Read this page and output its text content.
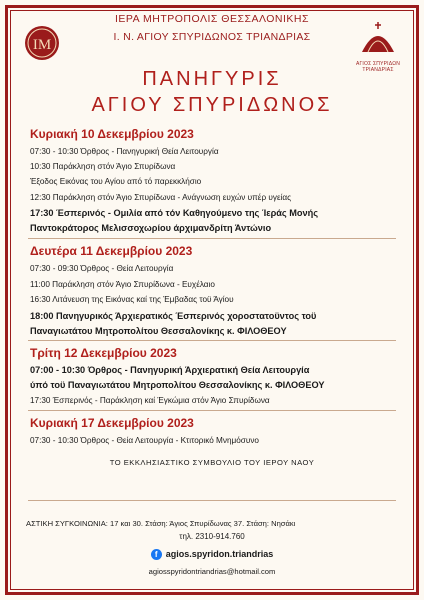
ΙΜ
ΑΓΙΟΣ ΣΠΥΡΙΔΩΝ
ΤΡΙΑΝΔΡΙΑΣ
ΙΕΡΑ ΜΗΤΡΟΠΟΛΙΣ ΘΕΣΣΑΛΟΝΙΚΗΣ
Ι. Ν. ΑΓΙΟΥ ΣΠΥΡΙΔΩΝΟΣ ΤΡΙΑΝΔΡΙΑΣ
ΠΑΝΗΓΥΡΙΣ
ΑΓΙΟΥ ΣΠΥΡΙΔΩΝΟΣ
Κυριακή 10 Δεκεμβρίου 2023
07:30 - 10:30 Όρθρος - Πανηγυρική Θεία Λειτουργία
10:30 Παράκληση στόν Άγιο Σπυρίδωνα
Έξοδος Εικόνας του Αγίου από τό παρεκκλήσιο
12:30 Παράκληση στόν Άγιο Σπυρίδωνα - Ανάγνωση ευχών υπέρ υγείας
17:30 Έσπερινός - Ομιλία από τόν Καθηγούμενο της Ίεράς Μονής
Παντοκράτορος Μελισσοχωρίου άρχιμανδρίτη Άντώνιο
Δευτέρα 11 Δεκεμβρίου 2023
07:30 - 09:30 Όρθρος - Θεία Λειτουργία
11:00 Παράκληση στόν Άγιο Σπυρίδωνα - Ευχέλαιο
16:30 Λιτάνευση της Εικόνας καί της Έμβαδας τοϋ Άγίου
18:00 Πανηγυρικός Άρχιερατικός Έσπερινός χοροστατοϋντος τοϋ
Παναγιωτάτου Μητροπολίτου Θεσσαλονίκης κ. ΦΙΛΟΘΕΟΥ
Τρίτη 12 Δεκεμβρίου 2023
07:00 - 10:30 Όρθρος - Πανηγυρική Άρχιερατική Θεία Λειτουργία
ύπό τοϋ Παναγιωτάτου Μητροπολίτου Θεσσαλονίκης κ. ΦΙΛΟΘΕΟΥ
17:30 Έσπερινός - Παράκληση καί Έγκώμια στόν Άγιο Σπυρίδωνα
Κυριακή 17 Δεκεμβρίου 2023
07:30 - 10:30 Όρθρος - Θεία Λειτουργία - Κτιτορικό Μνημόσυνο
ΤΟ ΕΚΚΛΗΣΙΑΣΤΙΚΟ ΣΥΜΒΟΥΛΙΟ ΤΟΥ ΙΕΡΟΥ ΝΑΟΥ
ΑΣΤΙΚΗ ΣΥΓΚΟΙΝΩΝΙΑ: 17 και 30. Στάση: Άγιος Σπυρίδωνας 37. Στάση: Νησάκι
τηλ. 2310-914.760
f agios.spyridon.triandrias
agiosspyridontriandrias@hotmail.com
